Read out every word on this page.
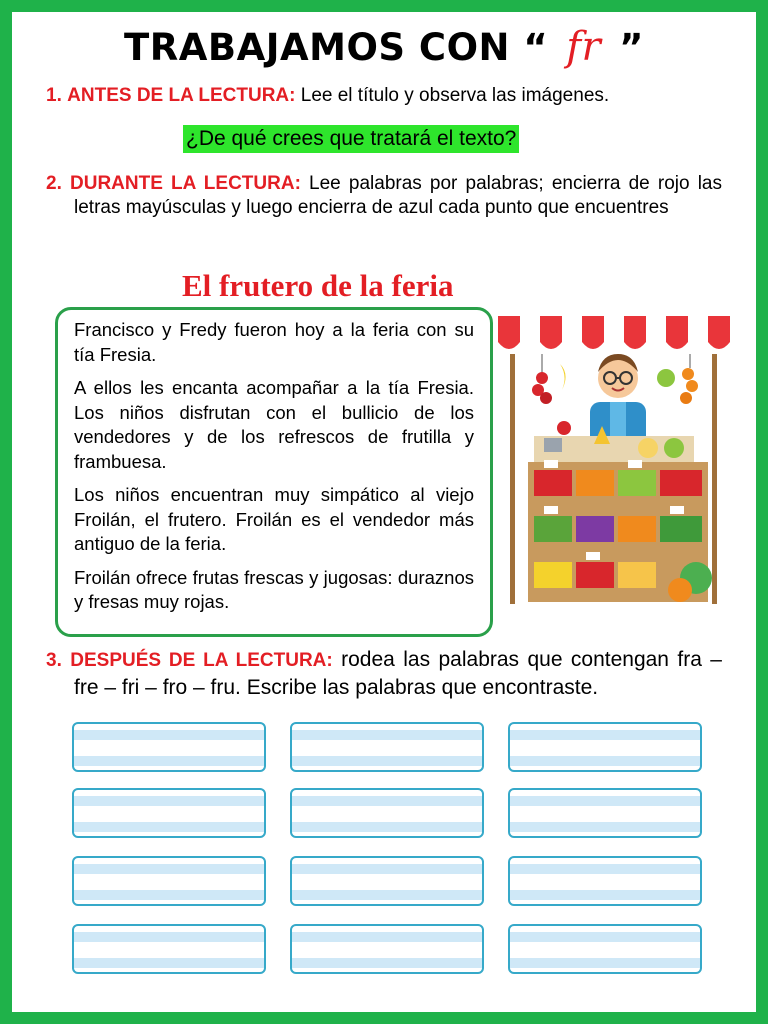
TRABAJAMOS CON “ fr ”
1. ANTES DE LA LECTURA: Lee el título y observa las imágenes.
¿De qué crees que tratará el texto?
2. DURANTE LA LECTURA: Lee palabras por palabras; encierra de rojo las letras mayúsculas y luego encierra de azul cada punto que encuentres
El frutero de la feria

Francisco y Fredy fueron hoy a la feria con su tía Fresia.

A ellos les encanta acompañar a la tía Fresia. Los niños disfrutan con el bullicio de los vendedores y de los refrescos de frutilla y frambuesa.

Los niños encuentran muy simpático al viejo Froilán, el frutero. Froilán es el vendedor más antiguo de la feria.

Froilán ofrece frutas frescas y jugosas: duraznos y fresas muy rojas.

3. DESPUÉS DE LA LECTURA: rodea las palabras que contengan fra – fre – fri – fro – fru. Escribe las palabras que encontraste.
